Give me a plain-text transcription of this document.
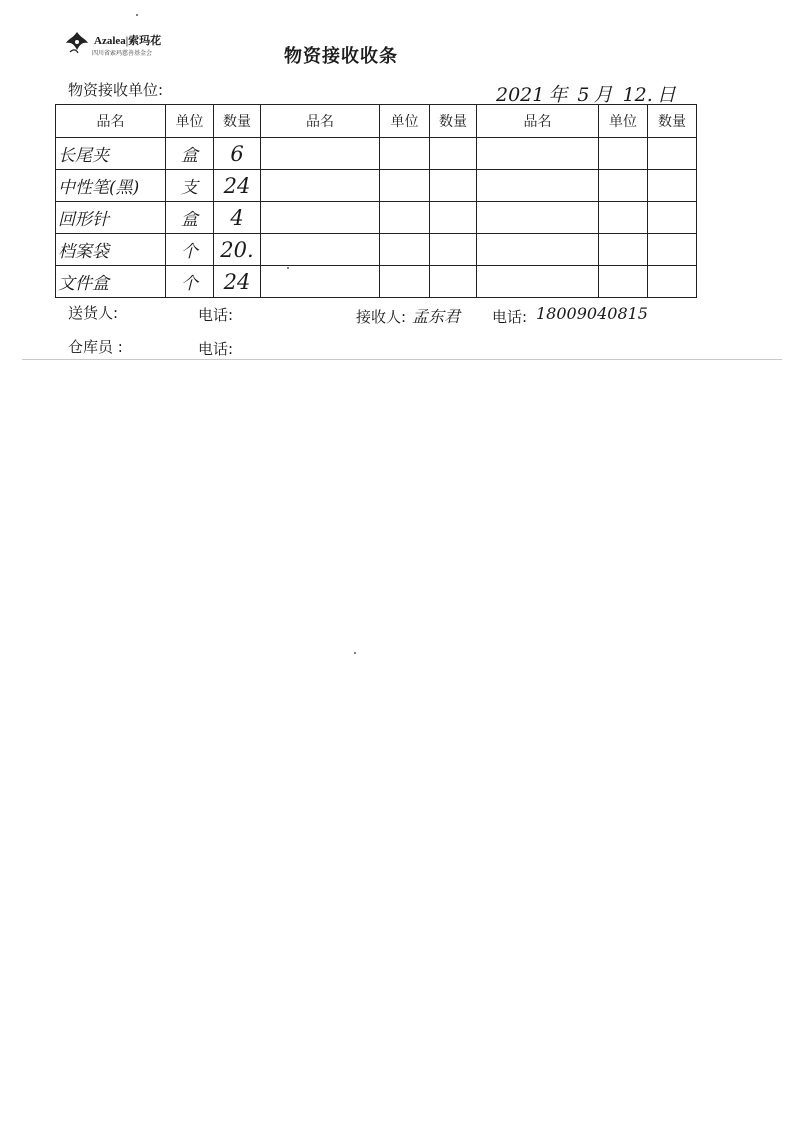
Azalea|索玛花
四川省索玛慈善基金会	物资接收收条
物资接收单位:	2021 年 5 月 12. 日
品名	单位	数量	品名	单位	数量	品名	单位	数量
长尾夹	盒	6						
中性笔(黑)	支	24						
回形针	盒	4						
档案袋	个	20.						
文件盒	个	24						
送货人:	电话:	接收人: 孟东君 电话: 18009040815
仓库员 :	电话:
